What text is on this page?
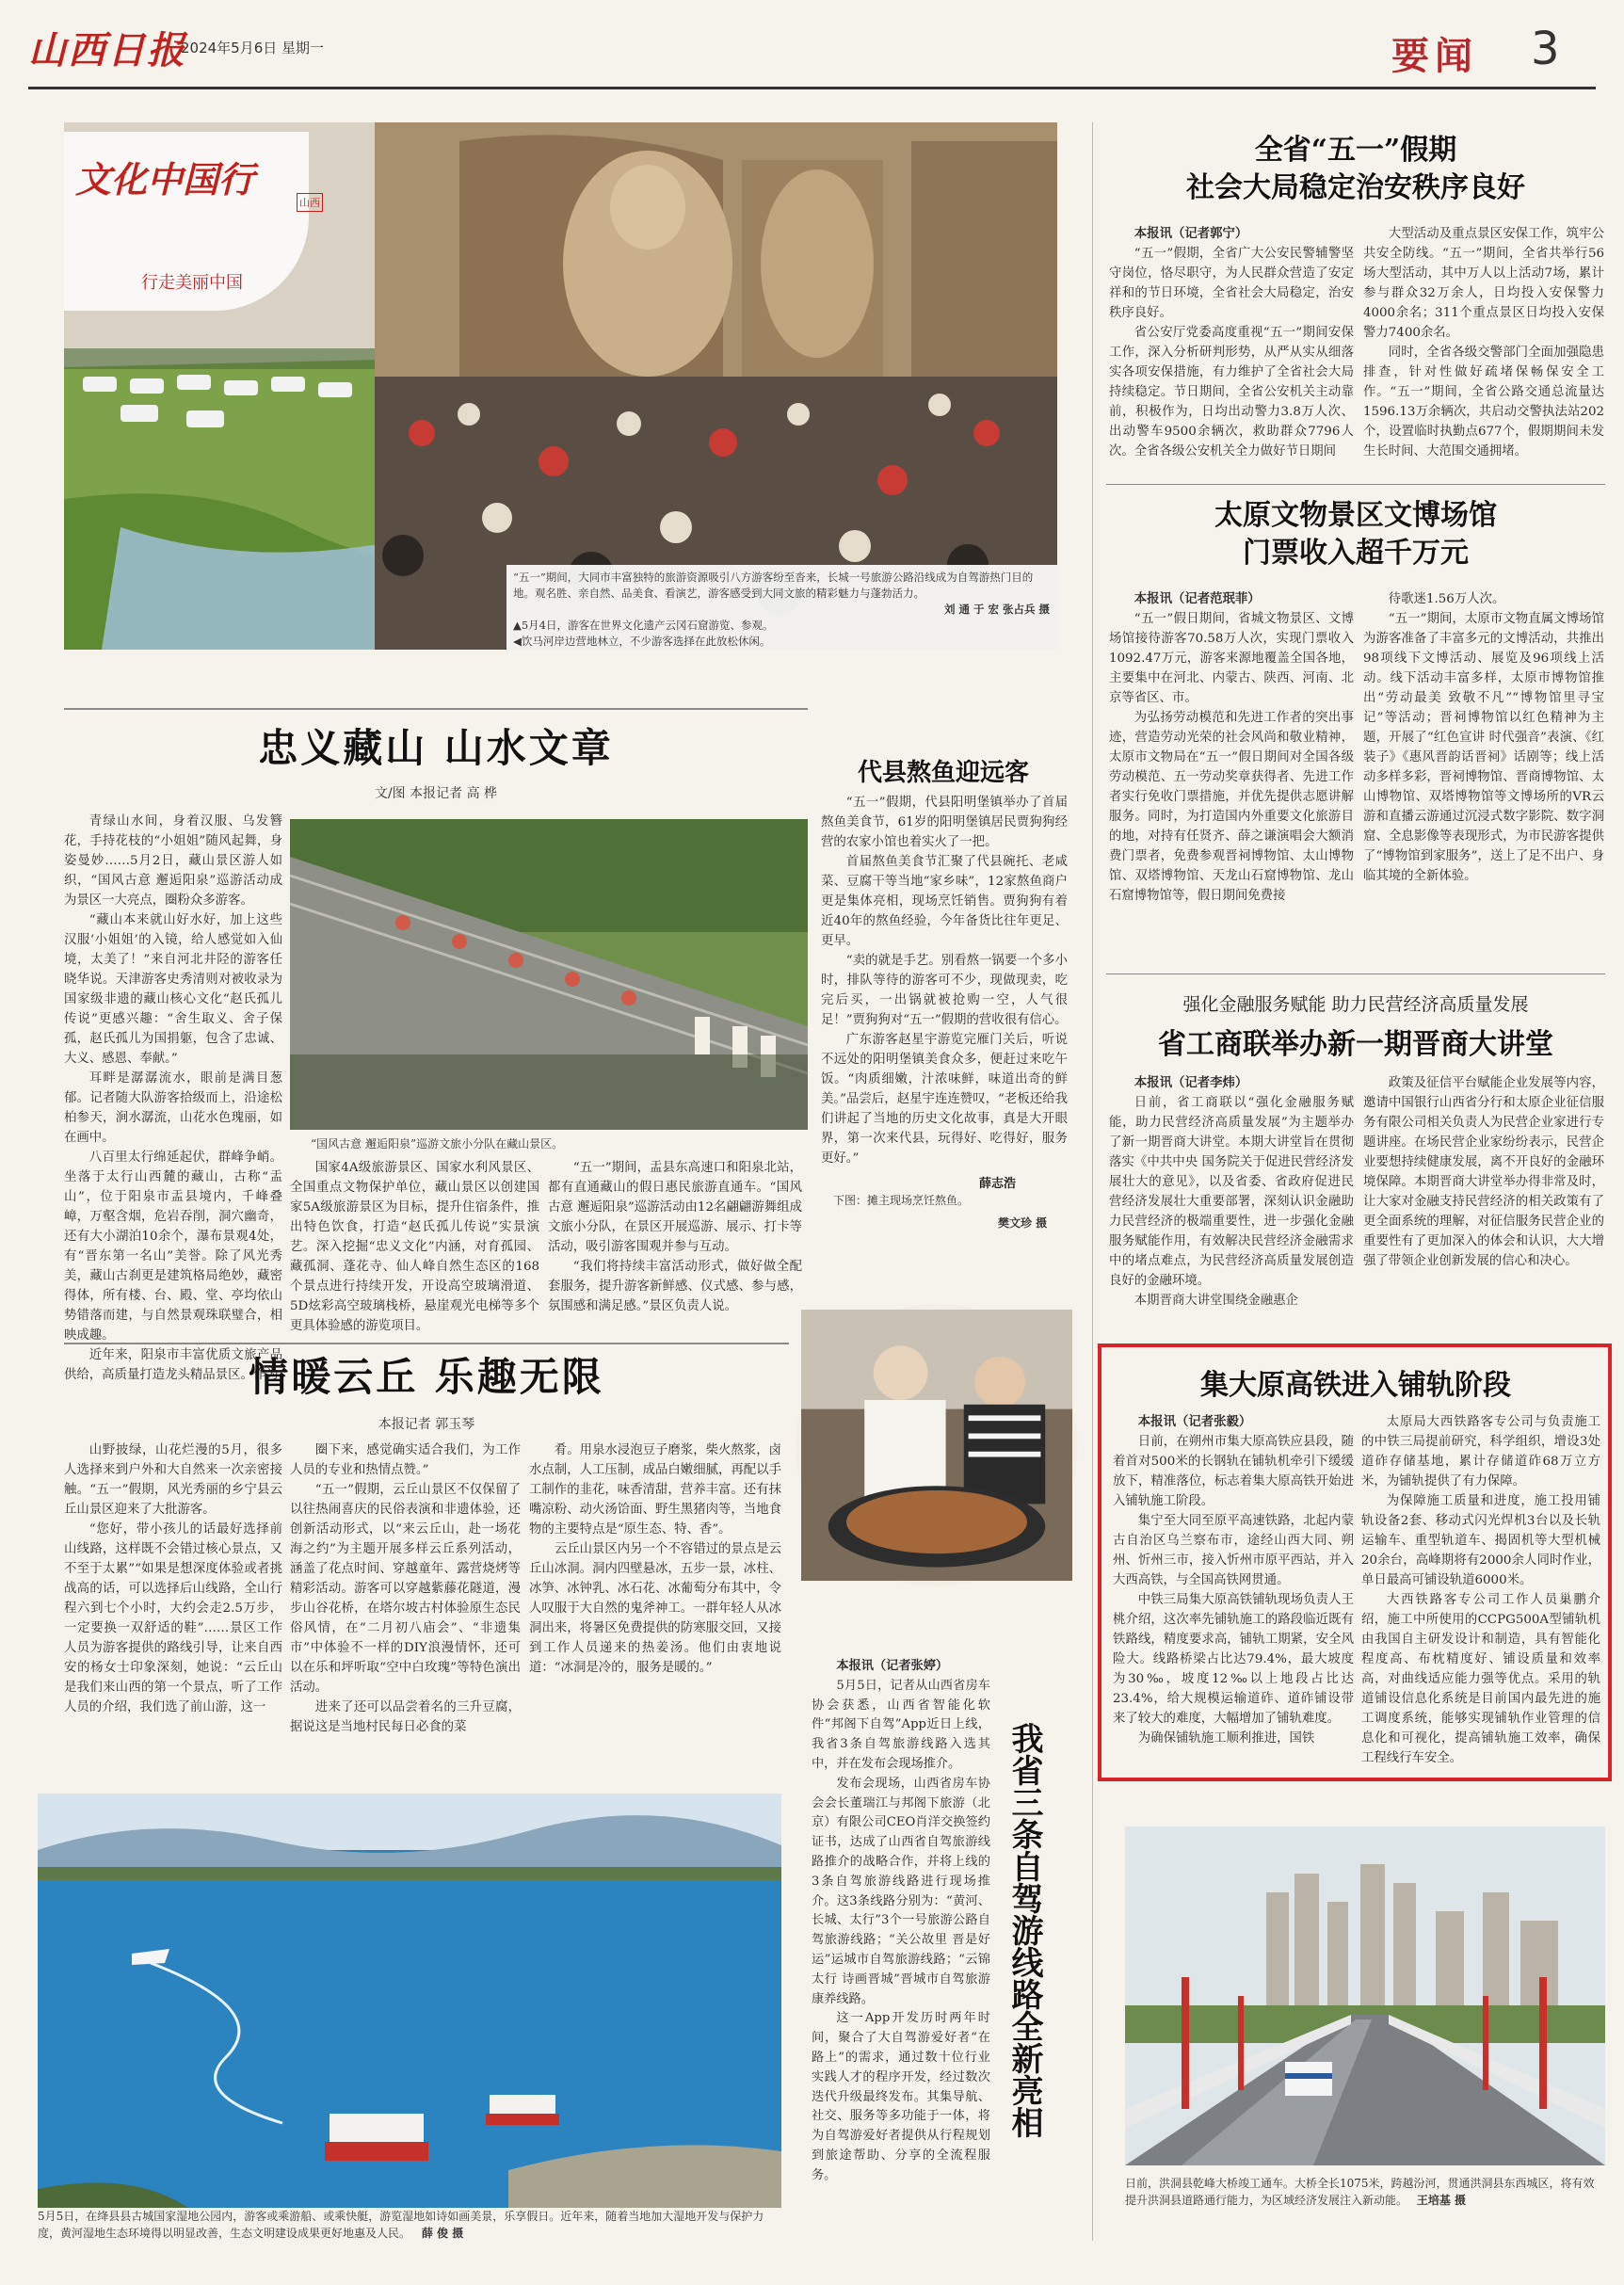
山西日报
2024年5月6日 星期一	要闻 3
文化中国行
山西
行走美丽中国
“五一”期间，大同市丰富独特的旅游资源吸引八方游客纷至沓来，长城一号旅游公路沿线成为自驾游热门目的地。观名胜、亲自然、品美食、看演艺，游客感受到大同文旅的精彩魅力与蓬勃活力。
刘 通 于 宏 张占兵 摄
▲5月4日，游客在世界文化遗产云冈石窟游览、参观。
◀饮马河岸边营地林立，不少游客选择在此放松休闲。
忠义藏山 山水文章
文/图 本报记者 高 桦

青绿山水间，身着汉服、乌发簪花，手持花枝的“小姐姐”随风起舞，身姿曼妙……5月2日，藏山景区游人如织，“国风古意 邂逅阳泉”巡游活动成为景区一大亮点，圈粉众多游客。

“藏山本来就山好水好，加上这些汉服‘小姐姐’的入镜，给人感觉如入仙境，太美了！”来自河北井陉的游客任晓华说。天津游客史秀清则对被收录为国家级非遗的藏山核心文化“赵氏孤儿传说”更感兴趣：“舍生取义、舍子保孤，赵氏孤儿为国捐躯，包含了忠诚、大义、感恩、奉献。”

耳畔是潺潺流水，眼前是满目葱郁。记者随大队游客拾级而上，沿途松柏参天，涧水潺流，山花水色瑰丽，如在画中。

八百里太行绵延起伏，群峰争峭。坐落于太行山西麓的藏山，古称“盂山”，位于阳泉市盂县境内，千峰叠嶂，万壑含烟，危岩吞削，洞穴幽奇，还有大小湖泊10余个，瀑布景观4处，有“晋东第一名山”美誉。除了风光秀美，藏山古刹更是建筑格局绝妙，藏密得体，所有楼、台、殿、堂、亭均依山势错落而建，与自然景观珠联璧合，相映成趣。

近年来，阳泉市丰富优质文旅产品供给，高质量打造龙头精品景区。作为

“国风古意 邂逅阳泉”巡游文旅小分队在藏山景区。

国家4A级旅游景区、国家水利风景区、全国重点文物保护单位，藏山景区以创建国家5A级旅游景区为目标，提升住宿条件，推出特色饮食，打造“赵氏孤儿传说”实景演艺。深入挖掘“忠义文化”内涵，对育孤园、藏孤洞、蓬花寺、仙人峰自然生态区的168个景点进行持续开发，开设高空玻璃滑道、5D炫彩高空玻璃栈桥，悬崖观光电梯等多个更具体验感的游览项目。

“五一”期间，盂县东高速口和阳泉北站，都有直通藏山的假日惠民旅游直通车。“国风古意 邂逅阳泉”巡游活动由12名翩翩游舞组成文旅小分队，在景区开展巡游、展示、打卡等活动，吸引游客围观并参与互动。

“我们将持续丰富活动形式，做好做全配套服务，提升游客新鲜感、仪式感、参与感，氛围感和满足感。”景区负责人说。

代县熬鱼迎远客

“五一”假期，代县阳明堡镇举办了首届熬鱼美食节，61岁的阳明堡镇居民贾狗狗经营的农家小馆也着实火了一把。

首届熬鱼美食节汇聚了代县碗托、老咸菜、豆腐干等当地“家乡味”，12家熬鱼商户更是集体亮相，现场烹饪销售。贾狗狗有着近40年的熬鱼经验，今年备货比往年更足、更早。

“卖的就是手艺。别看熬一锅要一个多小时，排队等待的游客可不少，现做现卖，吃完后买，一出锅就被抢购一空，人气很足！”贾狗狗对“五一”假期的营收很有信心。

广东游客赵星宇游览完雁门关后，听说不远处的阳明堡镇美食众多，便赶过来吃午饭。“肉质细嫩，汁浓味鲜，味道出奇的鲜美。”品尝后，赵星宇连连赞叹，“老板还给我们讲起了当地的历史文化故事，真是大开眼界，第一次来代县，玩得好、吃得好，服务更好。”

薛志浩
下图：摊主现场烹饪熬鱼。
樊文珍 摄
情暖云丘 乐趣无限
本报记者 郭玉琴

山野披绿，山花烂漫的5月，很多人选择来到户外和大自然来一次亲密接触。“五一”假期，风光秀丽的乡宁县云丘山景区迎来了大批游客。

“您好，带小孩儿的话最好选择前山线路，这样既不会错过核心景点，又不至于太累”“如果是想深度体验或者挑战高的话，可以选择后山线路，全山行程六到七个小时，大约会走2.5万步，一定要换一双舒适的鞋”……景区工作人员为游客提供的路线引导，让来自西安的杨女士印象深刻，她说：“云丘山是我们来山西的第一个景点，听了工作人员的介绍，我们选了前山游，这一

圈下来，感觉确实适合我们，为工作人员的专业和热情点赞。”

“五一”假期，云丘山景区不仅保留了以往热闹喜庆的民俗表演和非遗体验，还创新活动形式，以“来云丘山，赴一场花海之约”为主题开展多样云丘系列活动，涵盖了花点时间、穿越童年、露营烧烤等精彩活动。游客可以穿越紫藤花隧道，漫步山谷花桥，在塔尔坡古村体验原生态民俗风情，在“二月初八庙会”、“非遗集市”中体验不一样的DIY浪漫情怀，还可以在乐和坪听取“空中白玫瑰”等特色演出活动。

进来了还可以品尝着名的三升豆腐，据说这是当地村民每日必食的菜

肴。用泉水浸泡豆子磨浆，柴火熬浆，卤水点制，人工压制，成品白嫩细腻，再配以手工制作的韭花，味香清甜，营养丰富。还有抹嘴凉粉、动火汤饸面、野生黑猪肉等，当地食物的主要特点是“原生态、特、香”。

云丘山景区内另一个不容错过的景点是云丘山冰洞。洞内四壁悬冰，五步一景，冰柱、冰笋、冰钟乳、冰石花、冰葡萄分布其中，令人叹服于大自然的鬼斧神工。一群年轻人从冰洞出来，将暑区免费提供的防寒服交回，又接到工作人员递来的热姜汤。他们由衷地说道：“冰洞是冷的，服务是暖的。”

5月5日，在绛县县古城国家湿地公园内，游客或乘游船、或乘快艇，游览湿地如诗如画美景，乐享假日。近年来，随着当地加大湿地开发与保护力度，黄河湿地生态环境得以明显改善，生态文明建设成果更好地惠及人民。 薛 俊 摄
我省三条自驾游线路全新亮相

本报讯（记者张婷）

5月5日，记者从山西省房车协会获悉，山西省智能化软件“邦阁下自驾”App近日上线，我省3条自驾旅游线路入选其中，并在发布会现场推介。

发布会现场，山西省房车协会会长董瑞江与邦阁下旅游（北京）有限公司CEO肖洋交换签约证书，达成了山西省自驾旅游线路推介的战略合作，并将上线的3条自驾旅游线路进行现场推介。这3条线路分别为：“黄河、长城、太行”3个一号旅游公路自驾旅游线路；“关公故里 晋是好运”运城市自驾旅游线路；“云锦太行 诗画晋城”晋城市自驾旅游康养线路。

这一App开发历时两年时间，聚合了大自驾游爱好者“在路上”的需求，通过数十位行业实践人才的程序开发，经过数次迭代升级最终发布。其集导航、社交、服务等多功能于一体，将为自驾游爱好者提供从行程规划到旅途帮助、分享的全流程服务。

全省“五一”假期
社会大局稳定治安秩序良好

本报讯（记者郭宁）

“五一”假期，全省广大公安民警辅警坚守岗位，恪尽职守，为人民群众营造了安定祥和的节日环境，全省社会大局稳定，治安秩序良好。

省公安厅党委高度重视“五一”期间安保工作，深入分析研判形势，从严从实从细落实各项安保措施，有力维护了全省社会大局持续稳定。节日期间，全省公安机关主动靠前，积极作为，日均出动警力3.8万人次、出动警车9500余辆次，救助群众7796人次。全省各级公安机关全力做好节日期间

大型活动及重点景区安保工作，筑牢公共安全防线。“五一”期间，全省共举行56场大型活动，其中万人以上活动7场，累计参与群众32万余人，日均投入安保警力4000余名；311个重点景区日均投入安保警力7400余名。

同时，全省各级交警部门全面加强隐患排查，针对性做好疏堵保畅保安全工作。“五一”期间，全省公路交通总流量达1596.13万余辆次，共启动交警执法站202个，设置临时执勤点677个，假期期间未发生长时间、大范围交通拥堵。

太原文物景区文博场馆
门票收入超千万元

本报讯（记者范珉菲）

“五一”假日期间，省城文物景区、文博场馆接待游客70.58万人次，实现门票收入1092.47万元，游客来源地覆盖全国各地，主要集中在河北、内蒙古、陕西、河南、北京等省区、市。

为弘扬劳动模范和先进工作者的突出事迹，营造劳动光荣的社会风尚和敬业精神，太原市文物局在“五一”假日期间对全国各级劳动模范、五一劳动奖章获得者、先进工作者实行免收门票措施，并优先提供志愿讲解服务。同时，为打造国内外重要文化旅游目的地，对持有任贤齐、薛之谦演唱会大额消费门票者，免费参观晋祠博物馆、太山博物馆、双塔博物馆、天龙山石窟博物馆、龙山石窟博物馆等，假日期间免费接

待歌迷1.56万人次。

“五一”期间，太原市文物直属文博场馆为游客准备了丰富多元的文博活动，共推出98项线下文博活动、展览及96项线上活动。线下活动丰富多样，太原市博物馆推出“劳动最美 致敬不凡”“博物馆里寻宝记”等活动；晋祠博物馆以红色精神为主题，开展了“红色宣讲 时代强音”表演、《红装子》《惠风晋韵话晋祠》话剧等；线上活动多样多彩，晋祠博物馆、晋商博物馆、太山博物馆、双塔博物馆等文博场所的VR云游和直播云游通过沉浸式数字影院、数字洞窟、全息影像等表现形式，为市民游客提供了“博物馆到家服务”，送上了足不出户、身临其境的全新体验。

强化金融服务赋能 助力民营经济高质量发展
省工商联举办新一期晋商大讲堂

本报讯（记者李炜）

日前，省工商联以“强化金融服务赋能，助力民营经济高质量发展”为主题举办了新一期晋商大讲堂。本期大讲堂旨在贯彻落实《中共中央 国务院关于促进民营经济发展壮大的意见》，以及省委、省政府促进民营经济发展壮大重要部署，深刻认识金融助力民营经济的极端重要性，进一步强化金融服务赋能作用，有效解决民营经济金融需求中的堵点难点，为民营经济高质量发展创造良好的金融环境。

本期晋商大讲堂围绕金融惠企

政策及征信平台赋能企业发展等内容，邀请中国银行山西省分行和太原企业征信服务有限公司相关负责人为民营企业家进行专题讲座。在场民营企业家纷纷表示，民营企业要想持续健康发展，离不开良好的金融环境保障。本期晋商大讲堂举办得非常及时，让大家对金融支持民营经济的相关政策有了更全面系统的理解，对征信服务民营企业的重要性有了更加深入的体会和认识，大大增强了带领企业创新发展的信心和决心。

集大原高铁进入铺轨阶段

本报讯（记者张毅）

日前，在朔州市集大原高铁应县段，随着首对500米的长钢轨在铺轨机牵引下缓缓放下，精准落位，标志着集大原高铁开始进入铺轨施工阶段。

集宁至大同至原平高速铁路，北起内蒙古自治区乌兰察布市，途经山西大同、朔州、忻州三市，接入忻州市原平西站，并入大西高铁，与全国高铁网贯通。

中铁三局集大原高铁铺轨现场负责人王桃介绍，这次率先铺轨施工的路段临近既有铁路线，精度要求高，铺轨工期紧，安全风险大。线路桥梁占比达79.4%，最大坡度为30‰，坡度12‰以上地段占比达23.4%，给大规模运输道砟、道砟铺设带来了较大的难度，大幅增加了铺轨难度。

为确保铺轨施工顺利推进，国铁

太原局大西铁路客专公司与负责施工的中铁三局提前研究，科学组织，增设3处道砟存储基地，累计存储道砟68万立方米，为铺轨提供了有力保障。

为保障施工质量和进度，施工投用铺轨设备2套、移动式闪光焊机3台以及长轨运输车、重型轨道车、揭固机等大型机械20余台，高峰期将有2000余人同时作业，单日最高可铺设轨道6000米。

大西铁路客专公司工作人员巢鹏介绍，施工中所使用的CCPG500A型铺轨机由我国自主研发设计和制造，具有智能化程度高、布枕精度好、铺设质量和效率高，对曲线适应能力强等优点。采用的轨道铺设信息化系统是目前国内最先进的施工调度系统，能够实现铺轨作业管理的信息化和可视化，提高铺轨施工效率，确保工程线行车安全。

日前，洪洞县乾峰大桥竣工通车。大桥全长1075米，跨越汾河，贯通洪洞县东西城区，将有效提升洪洞县道路通行能力，为区域经济发展注入新动能。 王培基 摄
